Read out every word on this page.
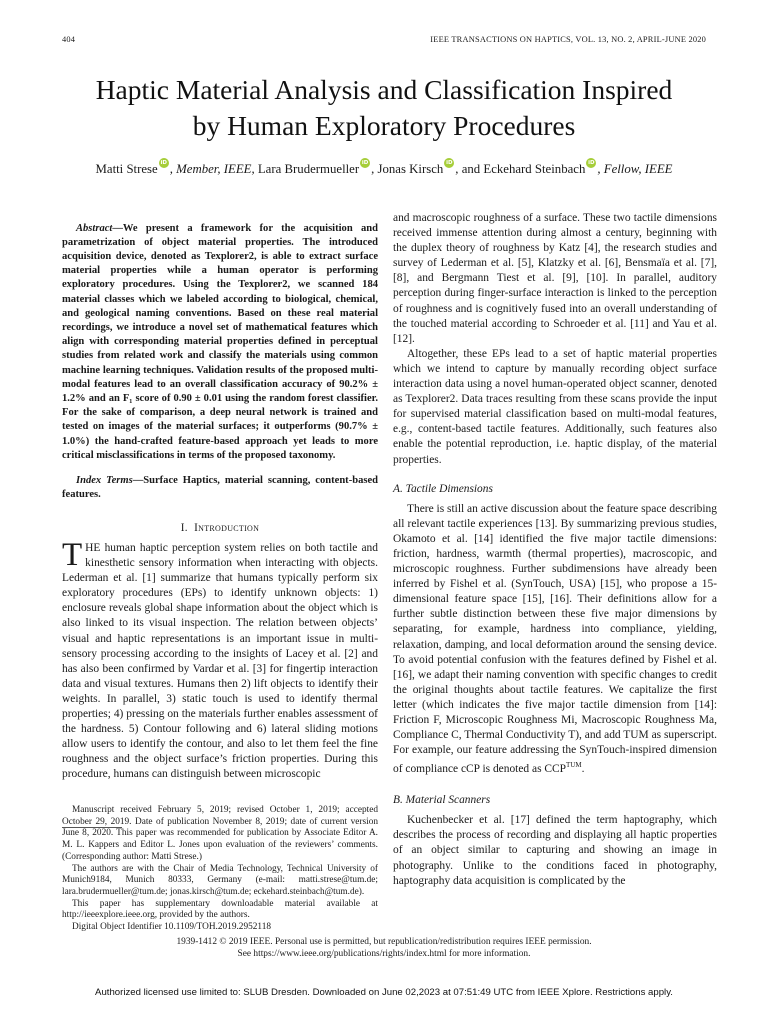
404	IEEE TRANSACTIONS ON HAPTICS, VOL. 13, NO. 2, APRIL-JUNE 2020
Haptic Material Analysis and Classification Inspired
by Human Exploratory Procedures
Matti Strese iD , Member, IEEE, Lara Brudermueller iD , Jonas Kirsch iD , and Eckehard Steinbach iD , Fellow, IEEE

Abstract—We present a framework for the acquisition and parametrization of object material properties. The introduced acquisition device, denoted as Texplorer2, is able to extract surface material properties while a human operator is performing exploratory procedures. Using the Texplorer2, we scanned 184 material classes which we labeled according to biological, chemical, and geological naming conventions. Based on these real material recordings, we introduce a novel set of mathematical features which align with corresponding material properties defined in perceptual studies from related work and classify the materials using common machine learning techniques. Validation results of the proposed multi-modal features lead to an overall classification accuracy of 90.2% ± 1.2% and an F₁ score of 0.90 ± 0.01 using the random forest classifier. For the sake of comparison, a deep neural network is trained and tested on images of the material surfaces; it outperforms (90.7% ± 1.0%) the hand-crafted feature-based approach yet leads to more critical misclassifications in terms of the proposed taxonomy.

Index Terms—Surface Haptics, material scanning, content-based features.

I. Introduction
THE human haptic perception system relies on both tactile and kinesthetic sensory information when interacting with objects. Lederman et al. [1] summarize that humans typically perform six exploratory procedures (EPs) to identify unknown objects: 1) enclosure reveals global shape information about the object which is also linked to its visual inspection. The relation between objects’ visual and haptic representations is an important issue in multi-sensory processing according to the insights of Lacey et al. [2] and has also been confirmed by Vardar et al. [3] for fingertip interaction data and visual textures. Humans then 2) lift objects to identify their weights. In parallel, 3) static touch is used to identify thermal properties; 4) pressing on the materials further enables assessment of the hardness. 5) Contour following and 6) lateral sliding motions allow users to identify the contour, and also to let them feel the fine roughness and the object surface’s friction properties. During this procedure, humans can distinguish between microscopic

Manuscript received February 5, 2019; revised October 1, 2019; accepted October 29, 2019. Date of publication November 8, 2019; date of current version June 8, 2020. This paper was recommended for publication by Associate Editor A. M. L. Kappers and Editor L. Jones upon evaluation of the reviewers’ comments. (Corresponding author: Matti Strese.)

The authors are with the Chair of Media Technology, Technical University of Munich9184, Munich 80333, Germany (e-mail: matti.strese@tum.de; lara.brudermueller@tum.de; jonas.kirsch@tum.de; eckehard.steinbach@tum.de).

This paper has supplementary downloadable material available at http://ieeexplore.ieee.org, provided by the authors.

Digital Object Identifier 10.1109/TOH.2019.2952118

and macroscopic roughness of a surface. These two tactile dimensions received immense attention during almost a century, beginning with the duplex theory of roughness by Katz [4], the research studies and survey of Lederman et al. [5], Klatzky et al. [6], Bensmaïa et al. [7], [8], and Bergmann Tiest et al. [9], [10]. In parallel, auditory perception during finger-surface interaction is linked to the perception of roughness and is cognitively fused into an overall understanding of the touched material according to Schroeder et al. [11] and Yau et al. [12].

Altogether, these EPs lead to a set of haptic material properties which we intend to capture by manually recording object surface interaction data using a novel human-operated object scanner, denoted as Texplorer2. Data traces resulting from these scans provide the input for supervised material classification based on multi-modal features, e.g., content-based tactile features. Additionally, such features also enable the potential reproduction, i.e. haptic display, of the material properties.

A. Tactile Dimensions

There is still an active discussion about the feature space describing all relevant tactile experiences [13]. By summarizing previous studies, Okamoto et al. [14] identified the five major tactile dimensions: friction, hardness, warmth (thermal properties), macroscopic, and microscopic roughness. Further subdimensions have already been inferred by Fishel et al. (SynTouch, USA) [15], who propose a 15-dimensional feature space [15], [16]. Their definitions allow for a further subtle distinction between these five major dimensions by separating, for example, hardness into compliance, yielding, relaxation, damping, and local deformation around the sensing device. To avoid potential confusion with the features defined by Fishel et al. [16], we adapt their naming convention with specific changes to credit the original thoughts about tactile features. We capitalize the first letter (which indicates the five major tactile dimension from [14]: Friction F, Microscopic Roughness Mi, Macroscopic Roughness Ma, Compliance C, Thermal Conductivity T), and add TUM as superscript. For example, our feature addressing the SynTouch-inspired dimension of compliance cCP is denoted as $CCP^{TUM}$.

B. Material Scanners

Kuchenbecker et al. [17] defined the term haptography, which describes the process of recording and displaying all haptic properties of an object similar to capturing and showing an image in photography. Unlike to the conditions faced in photography, haptography data acquisition is complicated by the

1939-1412 © 2019 IEEE. Personal use is permitted, but republication/redistribution requires IEEE permission.
See https://www.ieee.org/publications/rights/index.html for more information.
Authorized licensed use limited to: SLUB Dresden. Downloaded on June 02,2023 at 07:51:49 UTC from IEEE Xplore. Restrictions apply.
